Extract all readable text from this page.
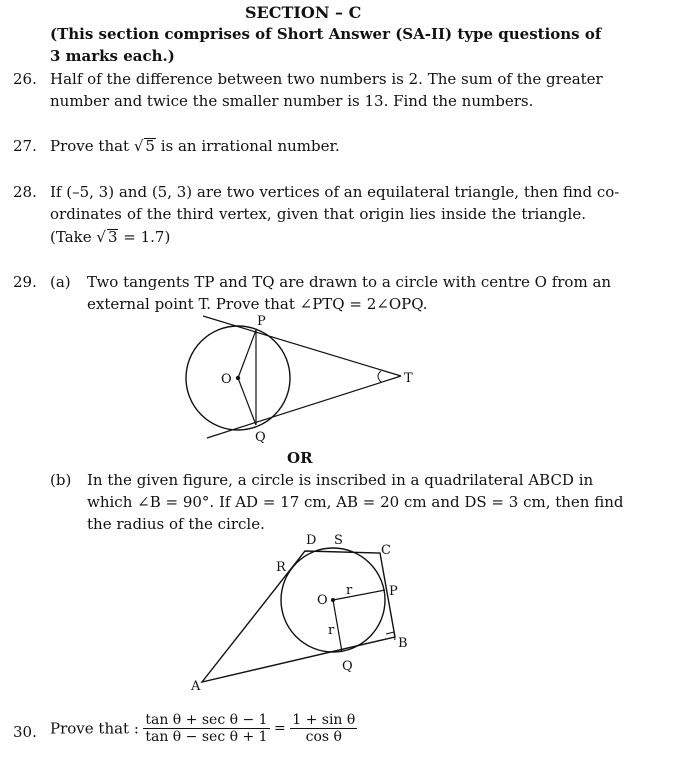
SECTION – C
(This section comprises of Short Answer (SA-II) type questions of
3 marks each.)
26. Half of the difference between two numbers is 2. The sum of the greater
number and twice the smaller number is 13. Find the numbers.
27. Prove that √ 5 is an irrational number.
28. If (–5, 3) and (5, 3) are two vertices of an equilateral triangle, then find co-
ordinates of the third vertex, given that origin lies inside the triangle.
(Take √ 3 = 1.7)
29. (a) Two tangents TP and TQ are drawn to a circle with centre O from an
external point T. Prove that ∠PTQ = 2∠OPQ.
P
O	T
Q
OR
(b) In the given figure, a circle is inscribed in a quadrilateral ABCD in
which ∠B = 90°. If AD = 17 cm, AB = 20 cm and DS = 3 cm, then find
the radius of the circle.
D S
C
R
O
r	P
r
B
Q
A
30. Prove that : $\frac{\text{tan θ + sec θ − 1}}{\text{tan θ − sec θ + 1}} = \frac{\text{1 + sin θ}}{\text{cos θ}}$
